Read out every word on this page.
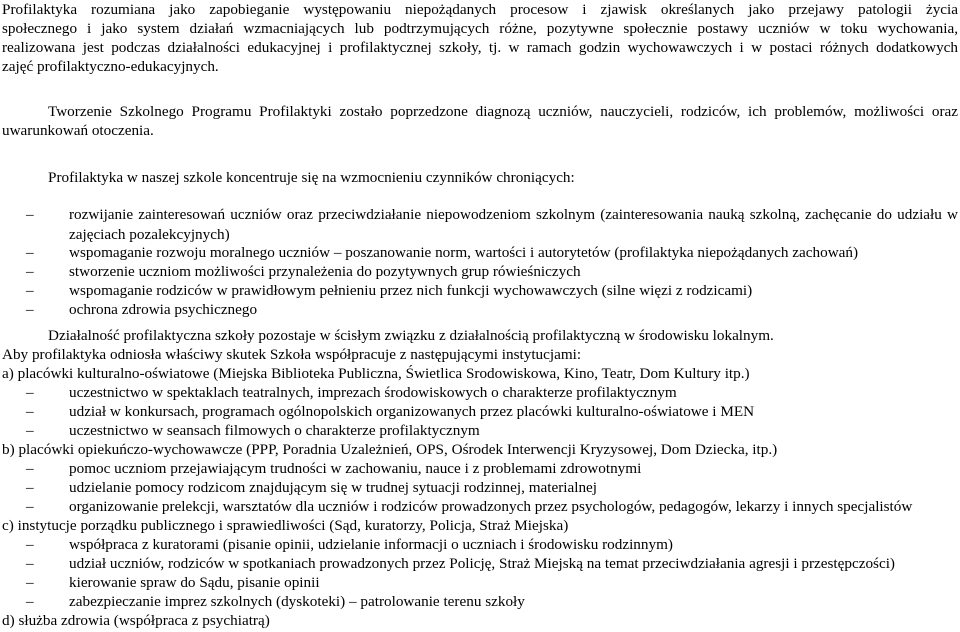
Profilaktyka rozumiana jako zapobieganie występowaniu niepożądanych procesow i zjawisk określanych jako przejawy patologii życia
społecznego i jako system działań wzmacniających lub podtrzymujących różne, pozytywne społecznie postawy uczniów w toku wychowania,
realizowana jest podczas działalności edukacyjnej i profilaktycznej szkoły, tj. w ramach godzin wychowawczych i w postaci różnych dodatkowych
zajęć profilaktyczno-edukacyjnych.
Tworzenie Szkolnego Programu Profilaktyki zostało poprzedzone diagnozą uczniów, nauczycieli, rodziców, ich problemów, możliwości oraz
uwarunkowań otoczenia.
Profilaktyka w naszej szkole koncentruje się na wzmocnieniu czynników chroniących:
–	rozwijanie zainteresowań uczniów oraz przeciwdziałanie niepowodzeniom szkolnym (zainteresowania nauką szkolną, zachęcanie do udziału w zajęciach pozalekcyjnych)
–	wspomaganie rozwoju moralnego uczniów – poszanowanie norm, wartości i autorytetów (profilaktyka niepożądanych zachowań)
–	stworzenie uczniom możliwości przynależenia do pozytywnych grup rówieśniczych
–	wspomaganie rodziców w prawidłowym pełnieniu przez nich funkcji wychowawczych (silne więzi z rodzicami)
–	ochrona zdrowia psychicznego
Działalność profilaktyczna szkoły pozostaje w ścisłym związku z działalnością profilaktyczną w środowisku lokalnym.
Aby profilaktyka odniosła właściwy skutek Szkoła współpracuje z następującymi instytucjami:
a) placówki kulturalno-oświatowe (Miejska Biblioteka Publiczna, Świetlica Srodowiskowa, Kino, Teatr, Dom Kultury itp.)
–	uczestnictwo w spektaklach teatralnych, imprezach środowiskowych o charakterze profilaktycznym
–	udział w konkursach, programach ogólnopolskich organizowanych przez placówki kulturalno-oświatowe i MEN
–	uczestnictwo w seansach filmowych o charakterze profilaktycznym
b) placówki opiekuńczo-wychowawcze (PPP, Poradnia Uzależnień, OPS, Ośrodek Interwencji Kryzysowej, Dom Dziecka, itp.)
–	pomoc uczniom przejawiającym trudności w zachowaniu, nauce i z problemami zdrowotnymi
–	udzielanie pomocy rodzicom znajdującym się w trudnej sytuacji rodzinnej, materialnej
–	organizowanie prelekcji, warsztatów dla uczniów i rodziców prowadzonych przez psychologów, pedagogów, lekarzy i innych specjalistów
c) instytucje porządku publicznego i sprawiedliwości (Sąd, kuratorzy, Policja, Straż Miejska)
–	współpraca z kuratorami (pisanie opinii, udzielanie informacji o uczniach i środowisku rodzinnym)
–	udział uczniów, rodziców w spotkaniach prowadzonych przez Policję, Straż Miejską na temat przeciwdziałania agresji i przestępczości)
–	kierowanie spraw do Sądu, pisanie opinii
–	zabezpieczanie imprez szkolnych (dyskoteki) – patrolowanie terenu szkoły
d) służba zdrowia (współpraca z psychiatrą)
